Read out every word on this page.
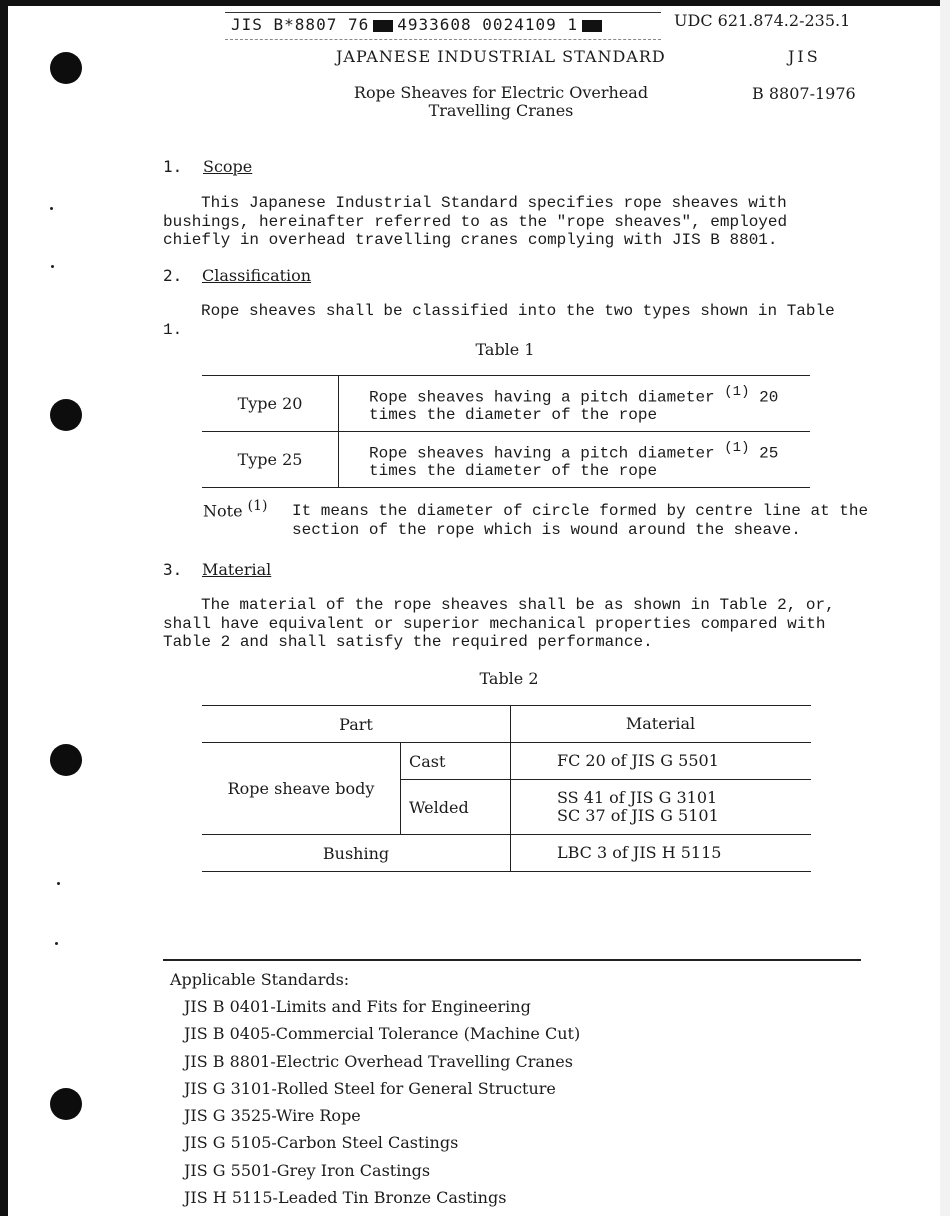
JIS B*8807 76 4933608 0024109 1	UDC 621.874.2-235.1
JAPANESE INDUSTRIAL STANDARD	JIS
Rope Sheaves for Electric Overhead
Travelling Cranes
B 8807-1976
1. Scope
This Japanese Industrial Standard specifies rope sheaves with bushings, hereinafter referred to as the "rope sheaves", employed chiefly in overhead travelling cranes complying with JIS B 8801.
2. Classification
Rope sheaves shall be classified into the two types shown in Table 1.
Table 1
Type 20	Rope sheaves having a pitch diameter $^{(1)}$ 20 times the diameter of the rope
Type 25	Rope sheaves having a pitch diameter $^{(1)}$ 25 times the diameter of the rope
Note $^{(1)}$ It means the diameter of circle formed by centre line at the section of the rope which is wound around the sheave.
3. Material
The material of the rope sheaves shall be as shown in Table 2, or, shall have equivalent or superior mechanical properties compared with Table 2 and shall satisfy the required performance.
Table 2
Part		Material
Rope sheave body	Cast	FC 20 of JIS G 5501
	Welded	SS 41 of JIS G 3101
SC 37 of JIS G 5101

Bushing		LBC 3 of JIS H 5115
Applicable Standards:
JIS B 0401-Limits and Fits for Engineering
JIS B 0405-Commercial Tolerance (Machine Cut)
JIS B 8801-Electric Overhead Travelling Cranes
JIS G 3101-Rolled Steel for General Structure
JIS G 3525-Wire Rope
JIS G 5105-Carbon Steel Castings
JIS G 5501-Grey Iron Castings
JIS H 5115-Leaded Tin Bronze Castings
